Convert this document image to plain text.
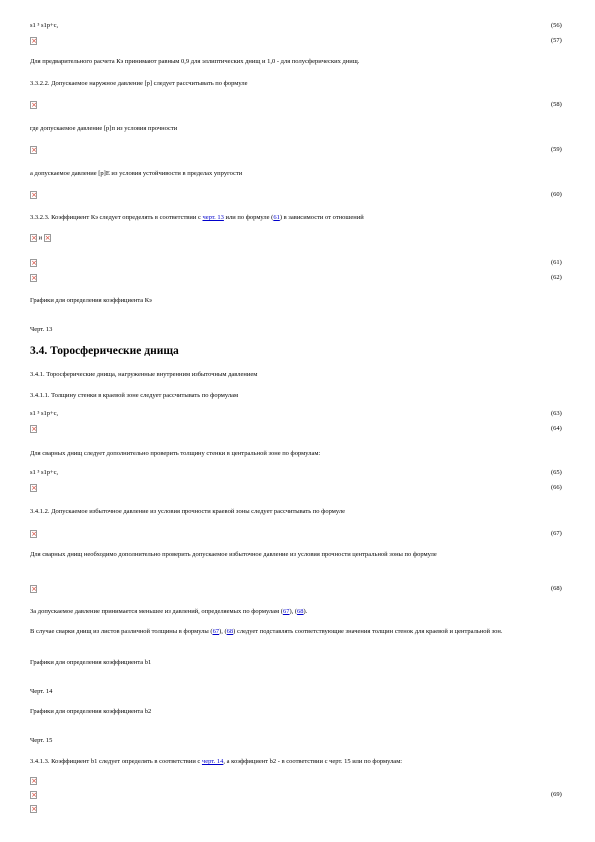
s1 ³ s1p+c,	(56)
×
(57)
Для предварительного расчета Кэ принимают равным 0,9 для эллиптических днищ и 1,0 - для полусферических днищ.
3.3.2.2. Допускаемое наружное давление [р] следует рассчитывать по формуле
×
(58)
где допускаемое давление [р]п из условия прочности
×
(59)
а допускаемое давление [р]Е из условия устойчивости в пределах упругости
×
(60)
3.3.2.3. Коэффициент Кэ следует определять в соответствии с черт. 13 или по формуле (61) в зависимости от отношений
× и ×
×
(61)
×
(62)
Графики для определения коэффициента Кэ
Черт. 13
3.4. Торосферические днища
3.4.1. Торосферические днища, нагруженные внутренним избыточным давлением
3.4.1.1. Толщину стенки в краевой зоне следует рассчитывать по формулам
s1 ³ s1p+c,	(63)
×
(64)
Для сварных днищ следует дополнительно проверить толщину стенки в центральной зоне по формулам:
s1 ³ s1p+c,	(65)
×
(66)
3.4.1.2. Допускаемое избыточное давление из условия прочности краевой зоны следует рассчитывать по формуле
×
(67)
Для сварных днищ необходимо дополнительно проверить допускаемое избыточное давление из условия прочности центральной зоны по формуле
×
(68)
За допускаемое давление принимается меньшее из давлений, определяемых по формулам (67), (68).
В случае сварки днищ из листов различной толщины в формулы (67), (68) следует подставлять соответствующие значения толщин стенок для краевой и центральной зон.
Графики для определения коэффициента b1
Черт. 14
Графики для определения коэффициента b2
Черт. 15
3.4.1.3. Коэффициент b1 следует определять в соответствии с черт. 14, а коэффициент b2 - в соответствии с черт. 15 или по формулам:
×
×
(69)
×
